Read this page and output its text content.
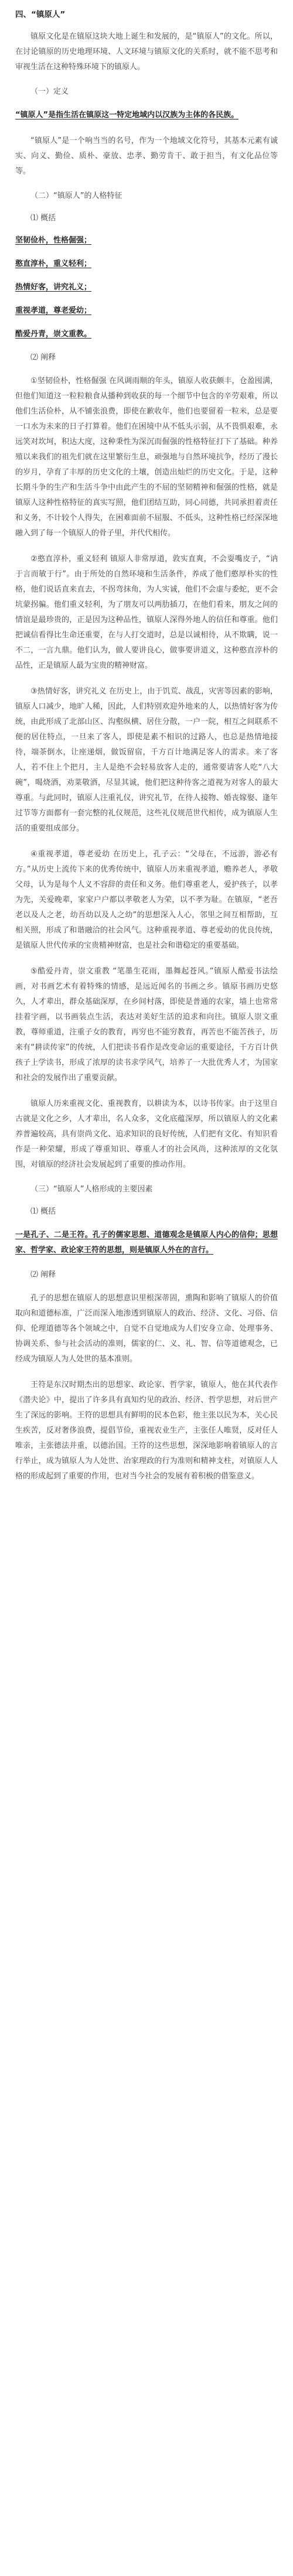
四、“镇原人”

镇原文化是在镇原这块大地上诞生和发展的，是“镇原人”的文化。所以，在讨论镇原的历史地理环境、人文环境与镇原文化的关系时，就不能不思考和审视生活在这种特殊环境下的镇原人。

（一）定义

“镇原人”是指生活在镇原这一特定地域内以汉族为主体的各民族。

“镇原人”是一个响当当的名号，作为一个地域文化符号，其基本元素有诚实、向义、勤俭、质朴、豪放、忠孝、勤劳肯干、敢于担当，有文化品位等等。

（二）“镇原人”的人格特征
⑴ 概括
坚韧俭朴，性格倔强；
憨直淳朴，重义轻利；
热情好客，讲究礼义；
重视孝道，尊老爱幼；
酷爱丹青，崇文重教。
⑵ 阐释

①坚韧俭朴，性格倔强 在风调雨顺的年头，镇原人收获颇丰，仓盈囤满，但他们知道这一粒粒粮食从播种到收获的每一个细节中包含的辛劳艰难，所以他们生活俭朴，从不铺张浪费，即使在歉收年，他们也要留着一粒米，总是要一口水为未来的日子打算着。他们在困境中从不低头示弱，从不畏惧艰难，永远笑对坎坷，积达大度，这种秉性为深沉而倔强的性格特征打下了基础。种养殖以来我们的祖先们就在这里繁衍生息，顽强地与自然环境抗争，经历了漫长的岁月，孕育了丰厚的历史文化的土壤，创造出灿烂的历史文化。于是，这种长期斗争的生产和生活斗争中由此产生的不屈的坚韧精神和倔强的性格，就是镇原人这种性格特征的真实写照，他们团结互助，同心同德，共同承担着责任和义务，不计较个人得失，在困难面前不屈服、不低头，这种性格已经深深地融入到了每一个镇原人的骨子里，并代代相传。

②憨直淳朴，重义轻利 镇原人非常厚道，敦实直爽，不会耍嘴皮子，“讷于言而敏于行”。由于所处的自然环境和生活条件，养成了他们憨厚朴实的性格，他们说话直来直去，不拐弯抹角，为人实诚，他们不会虚与委蛇，更不会坑蒙拐骗。他们重义轻利，为了朋友可以两肋插刀，在他们看来，朋友之间的情谊是最珍贵的，正是因为这种品性，镇原人深得外地人的信任和尊重。他们把诚信看得比生命还重要，在与人打交道时，总是以诚相待，从不欺瞒，说一不二，一言九鼎。他们认为，做人要讲良心，做事要讲道义，这种憨直淳朴的品性，正是镇原人最为宝贵的精神财富。

③热情好客，讲究礼义 在历史上，由于饥荒、战乱，灾害等因素的影响，镇原人口减少，地旷人稀，因此，人们特别欢迎外地来的人，以热情好客为传统，由此形成了北部山区、沟壑纵横、居住分散，一户一院，相互之间联系不便的居住特点，一旦来了客人，即使是素不相识的过路人，也总是热情地接待，端茶倒水，让座递烟，做饭留宿，千方百计地满足客人的需求。来了客人，若不住上个把月，主人是绝不会轻易放客人走的，通常要请客人吃“八大碗”，喝烧酒，劝菜敬酒，尽显其诚，他们把这种待客之道视为对客人的最大尊重。与此同时，镇原人注重礼仪，讲究礼节，在待人接物、婚丧嫁娶、逢年过节等方面都有一套完整的礼仪规范，这些礼仪规范世代相传，成为镇原人生活的重要组成部分。

④重视孝道，尊老爱幼 在历史上，孔子云：“父母在，不远游，游必有方。”从历史上流传下来的优秀传统中，镇原人历来重视孝道，赡养老人，孝敬父母，认为是每个人义不容辞的责任和义务。他们尊重老人，爱护孩子，以孝为先，关爱晚辈，家家户户都以孝敬老人为荣，以不孝为耻。在镇原，“老吾老以及人之老，幼吾幼以及人之幼”的思想深入人心，邻里之间互相帮助，互相关照，形成了和谐融洽的社会风气。这种重视孝道、尊老爱幼的优良传统，是镇原人世代传承的宝贵精神财富，也是社会和谐稳定的重要基础。

⑤酷爱丹青，崇文重教 “笔墨生花雨，墨舞起苍风。”镇原人酷爱书法绘画，对书画艺术有着特殊的情感，是远近闻名的书画之乡。镇原书画历史悠久，人才辈出，群众基础深厚，在乡间村落，即使是普通的农家，墙上也常常挂着字画，以书画装点生活，表达对美好生活的追求和向往。镇原人崇文重教，尊师重道，注重子女的教育，再穷也不能穷教育，再苦也不能苦孩子，历来有“耕读传家”的传统，人们把读书看作是改变命运的重要途径，千方百计供孩子上学读书，形成了浓厚的读书求学风气，培养了一大批优秀人才，为国家和社会的发展作出了重要贡献。

镇原人历来重视文化、重视教育，以耕读为本，以诗书传家。由于这里自古就是文化之乡，人才辈出，名人众多，文化底蕴深厚，所以镇原人的文化素养普遍较高，具有崇尚文化、追求知识的良好传统，人们把有文化、有知识看作是一种荣耀，形成了尊重知识、尊重人才的社会风尚，这种浓厚的文化氛围，对镇原的经济社会发展起到了重要的推动作用。

（三）“镇原人”人格形成的主要因素
⑴ 概括

一是孔子、二是王符。孔子的儒家思想、道德观念是镇原人内心的信仰；思想家、哲学家、政论家王符的思想，则是镇原人外在的言行。

⑵ 阐释

孔子的思想在镇原人的思想意识里根深蒂固，熏陶和影响了镇原人的价值取向和道德标准，广泛而深入地渗透到镇原人的政治、经济、文化、习俗、信仰、伦理道德等各个领域之中，自觉不自觉地成为人们安身立命、处理事务、协调关系、参与社会活动的准则，儒家的仁、义、礼、智、信等道德观念，已经成为镇原人为人处世的基本准则。

王符是东汉时期杰出的思想家、政论家、哲学家，镇原人，他在其代表作《潜夫论》中，提出了许多具有真知灼见的政治、经济、哲学思想，对后世产生了深远的影响。王符的思想具有鲜明的民本色彩，他主张以民为本，关心民生疾苦，反对奢侈浪费，提倡节俭，重视农业生产，主张任人唯贤，反对任人唯亲，主张德法并重，以德治国。王符的这些思想，深深地影响着镇原人的言行举止，成为镇原人为人处世、治家理政的行为准则和精神支柱，对镇原人人格的形成起到了重要的作用，也对当今社会的发展有着积极的借鉴意义。
